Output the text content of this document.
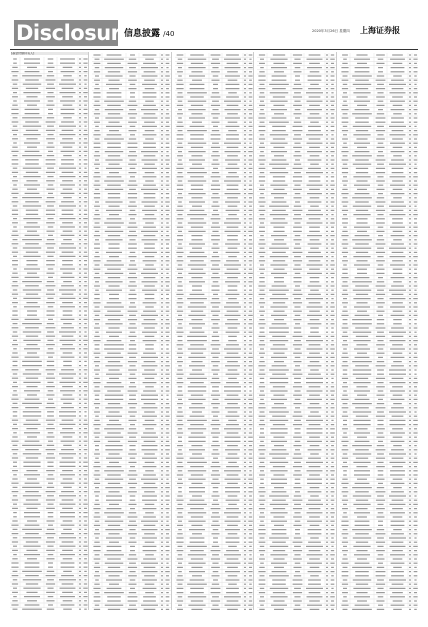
Disclosure
信息披露 /40	2020年3月26日 星期四 上海证券报
[基金份额持有人]
